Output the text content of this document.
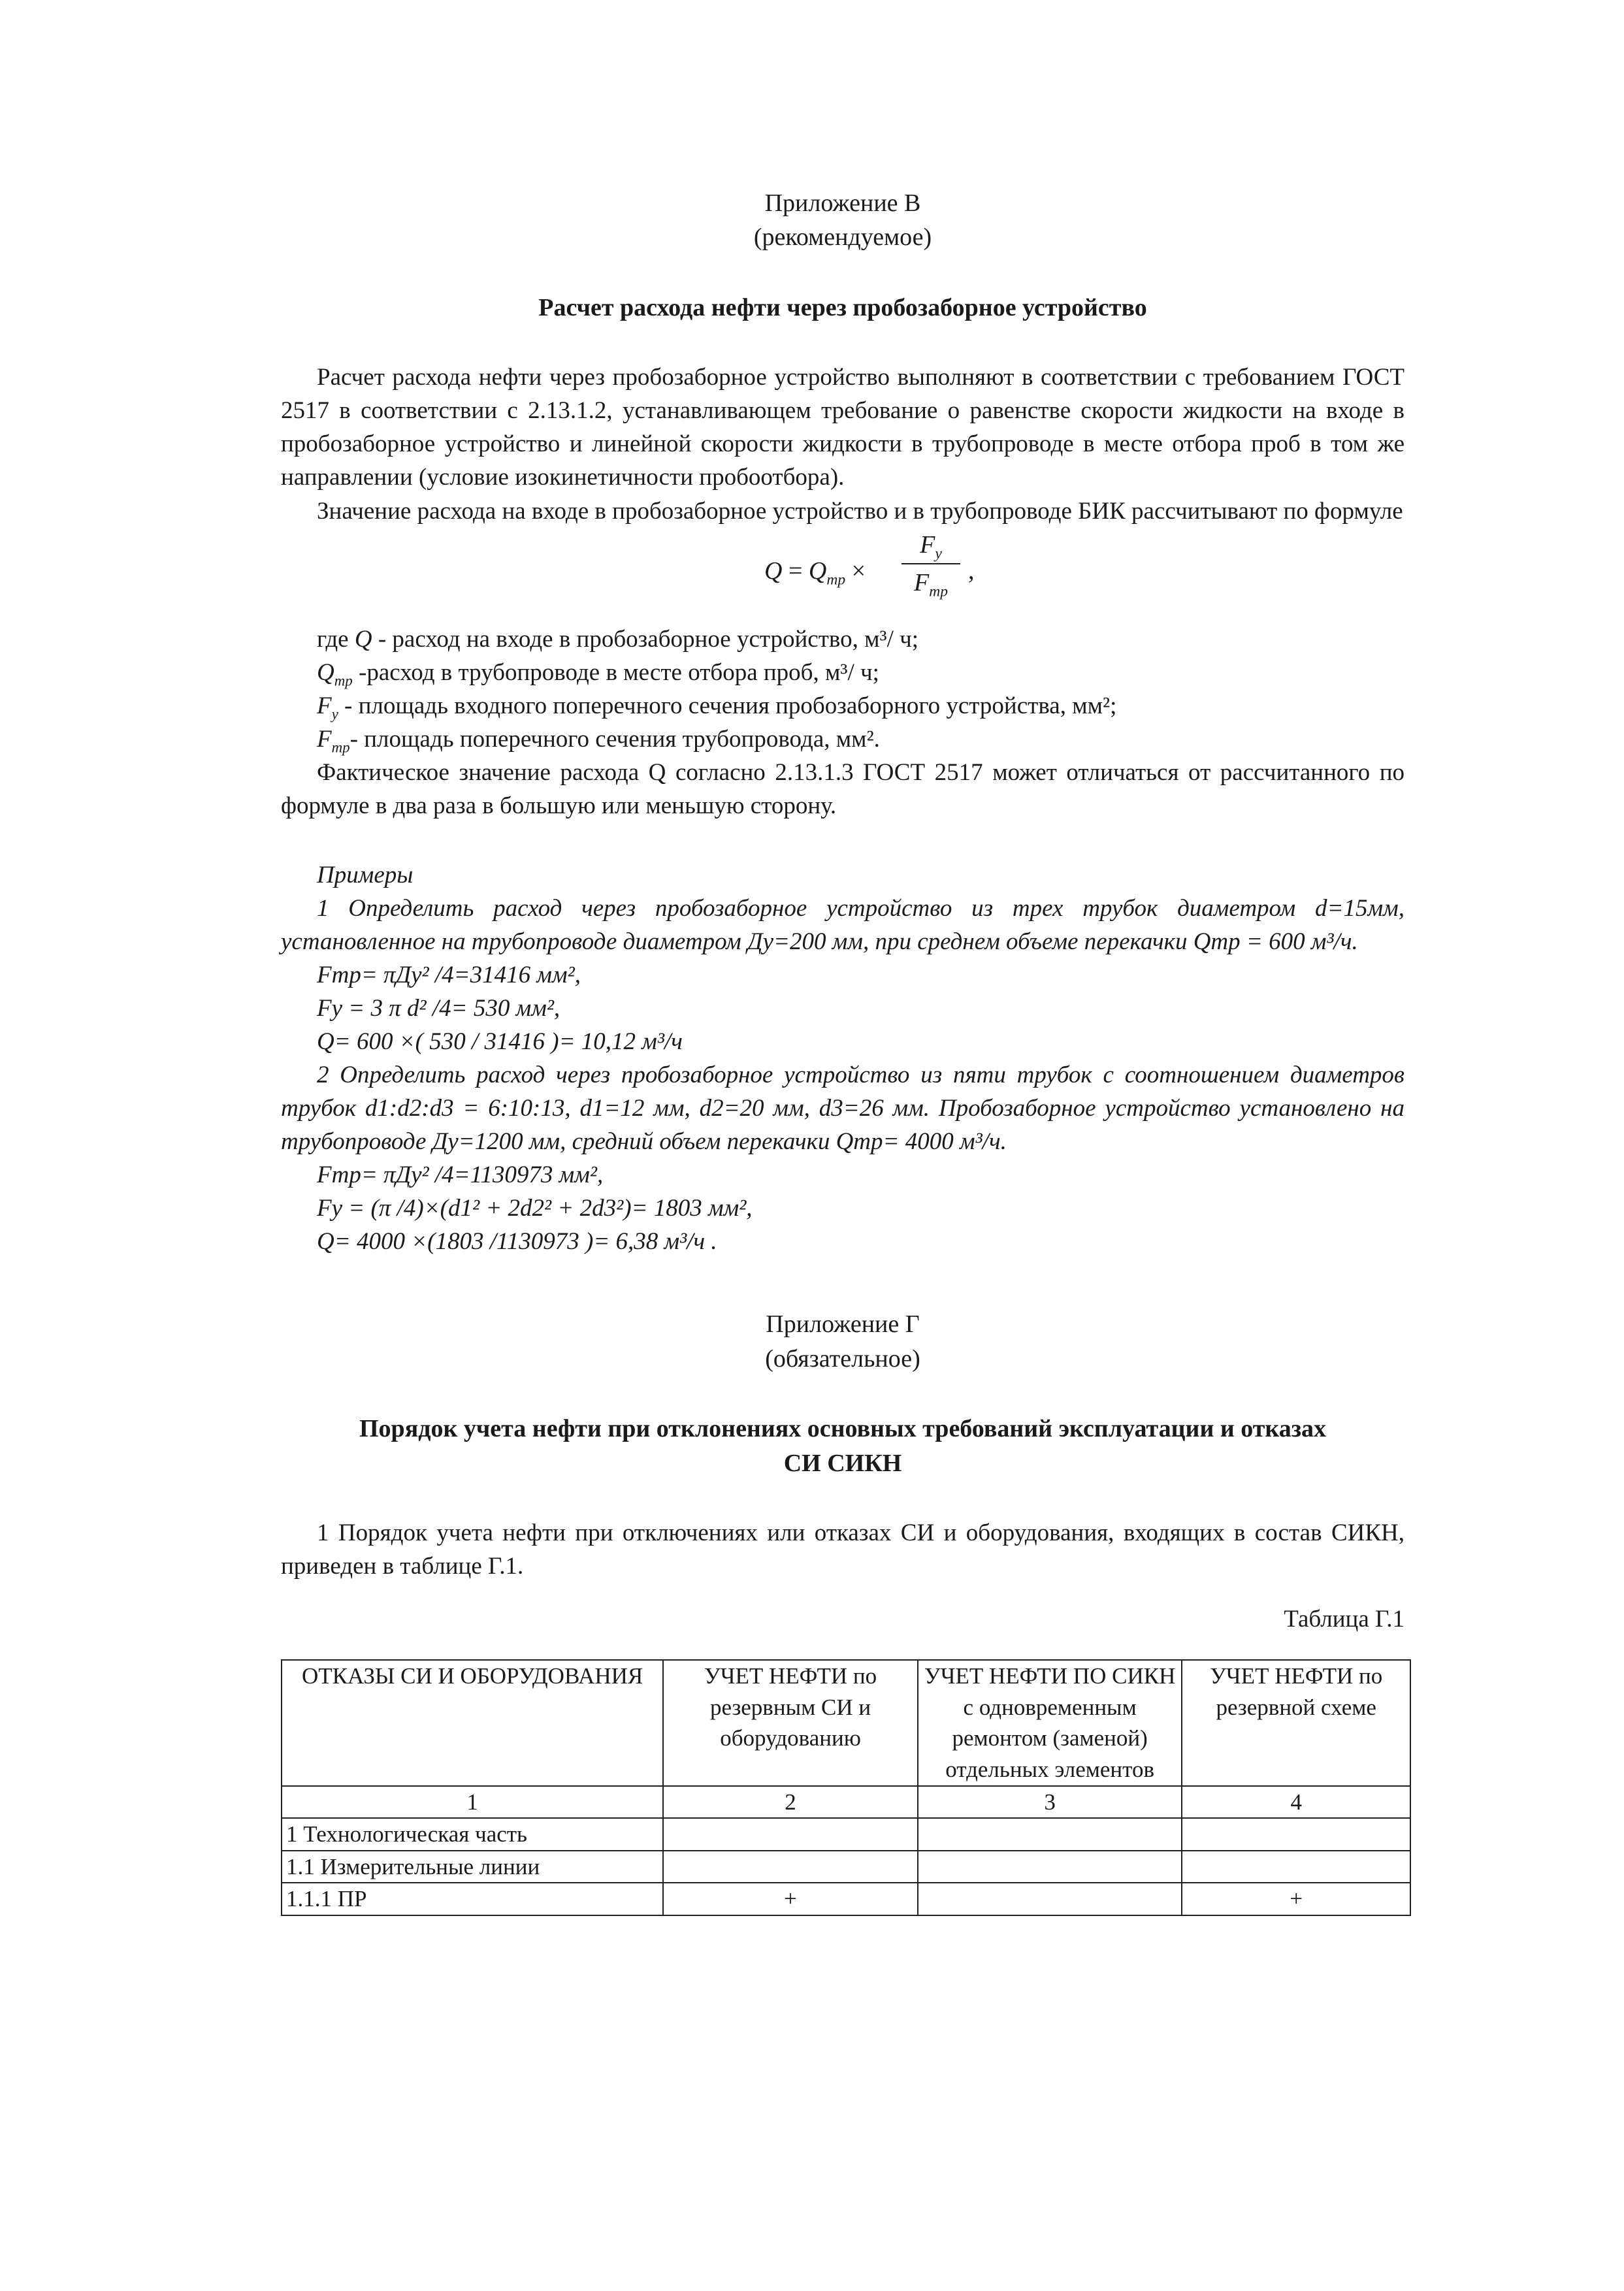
Приложение В

(рекомендуемое)

Расчет расхода нефти через пробозаборное устройство

Расчет расхода нефти через пробозаборное устройство выполняют в соответствии с требованием ГОСТ 2517 в соответствии с 2.13.1.2, устанавливающем требование о равенстве скорости жидкости на входе в пробозаборное устройство и линейной скорости жидкости в трубопроводе в месте отбора проб в том же направлении (условие изокинетичности пробоотбора).

Значение расхода на входе в пробозаборное устройство и в трубопроводе БИК рассчитывают по формуле

$Q = Q_{тр}$ ×
$F_у$
$F_{тр}$
,

где Q - расход на входе в пробозаборное устройство, м³/ ч;

$Q_{тр}$ -расход в трубопроводе в месте отбора проб, м³/ ч;

$F_у$ - площадь входного поперечного сечения пробозаборного устройства, мм²;

$F_{тр}-$ площадь поперечного сечения трубопровода, мм².

Фактическое значение расхода Q согласно 2.13.1.3 ГОСТ 2517 может отличаться от рассчитанного по формуле в два раза в большую или меньшую сторону.

Примеры

1 Определить расход через пробозаборное устройство из трех трубок диаметром d=15мм, установленное на трубопроводе диаметром Ду=200 мм, при среднем объеме перекачки Qтр = 600 м³/ч.

Fтр= πДу² /4=31416 мм²,

Fу = 3 π d² /4= 530 мм²,

Q= 600 ×( 530 / 31416 )= 10,12 м³/ч

2 Определить расход через пробозаборное устройство из пяти трубок с соотношением диаметров трубок d1:d2:d3 = 6:10:13, d1=12 мм, d2=20 мм, d3=26 мм. Пробозаборное устройство установлено на трубопроводе Ду=1200 мм, средний объем перекачки Qтр= 4000 м³/ч.

Fтр= πДу² /4=1130973 мм²,

Fу = (π /4)×(d1² + 2d2² + 2d3²)= 1803 мм²,

Q= 4000 ×(1803 /1130973 )= 6,38 м³/ч .

Приложение Г

(обязательное)

Порядок учета нефти при отклонениях основных требований эксплуатации и отказах

СИ СИКН

1 Порядок учета нефти при отключениях или отказах СИ и оборудования, входящих в состав СИКН, приведен в таблице Г.1.

Таблица Г.1

ОТКАЗЫ СИ И ОБОРУДОВАНИЯ	УЧЕТ НЕФТИ по резервным СИ и оборудованию	УЧЕТ НЕФТИ ПО СИКН с одновременным ремонтом (заменой) отдельных элементов	УЧЕТ НЕФТИ по резервной схеме
1	2	3	4
1 Технологическая часть			
1.1 Измерительные линии			
1.1.1 ПР	+		+
